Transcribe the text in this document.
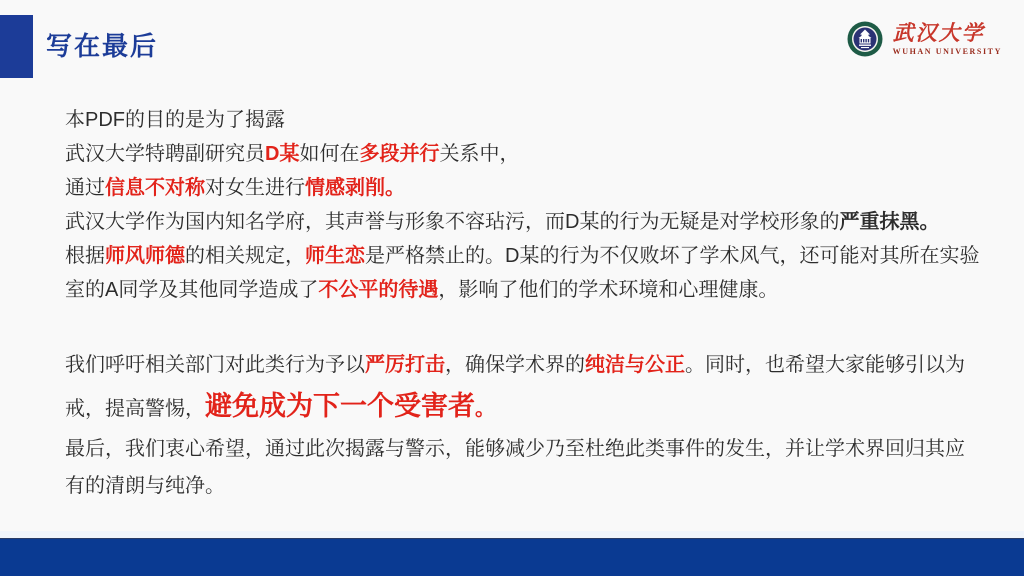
写在最后	武汉大学
WUHAN UNIVERSITY
本PDF的目的是为了揭露
武汉大学特聘副研究员D某如何在多段并行关系中，
通过信息不对称对女生进行情感剥削。
武汉大学作为国内知名学府，其声誉与形象不容玷污，而D某的行为无疑是对学校形象的严重抹黑。
根据师风师德的相关规定，师生恋是严格禁止的。D某的行为不仅败坏了学术风气，还可能对其所在实验
室的A同学及其他同学造成了不公平的待遇，影响了他们的学术环境和心理健康。
我们呼吁相关部门对此类行为予以严厉打击，确保学术界的纯洁与公正。同时，也希望大家能够引以为
戒，提高警惕，避免成为下一个受害者。
最后，我们衷心希望，通过此次揭露与警示，能够减少乃至杜绝此类事件的发生，并让学术界回归其应
有的清朗与纯净。
